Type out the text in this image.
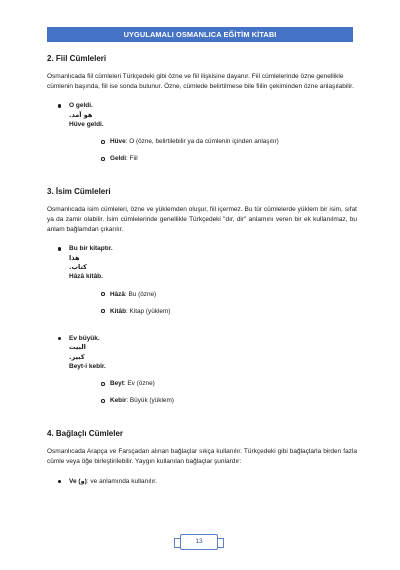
UYGULAMALI OSMANLICA EĞİTİM KİTABI
2. Fiil Cümleleri

Osmanlıcada fiil cümleleri Türkçedeki gibi özne ve fiil ilişkisine dayanır. Fiil cümlelerinde özne genellikle cümlenin başında, fiil ise sonda bulunur. Özne, cümlede belirtilmese bile fiilin çekiminden özne anlaşılabilir.

O geldi.
هو آمد.
Hüve geldi.
Hüve: O (özne, belirtilebilir ya da cümlenin içinden anlaşılır)
Geldi: Fiil
3. İsim Cümleleri

Osmanlıcada isim cümleleri, özne ve yüklemden oluşur, fiil içermez. Bu tür cümlelerde yüklem bir isim, sıfat ya da zamir olabilir. İsim cümlelerinde genellikle Türkçedeki "dır, dir" anlamını veren bir ek kullanılmaz, bu anlam bağlamdan çıkarılır.

Bu bir kitaptır.
هذا كتاب.
Hâzâ kitâb.
Hâzâ: Bu (özne)
Kitâb: Kitap (yüklem)
Ev büyük.
البيت كبير.
Beyt-i kebîr.
Beyt: Ev (özne)
Kebir: Büyük (yüklem)
4. Bağlaçlı Cümleler

Osmanlıcada Arapça ve Farsçadan alınan bağlaçlar sıkça kullanılır. Türkçedeki gibi bağlaçlarla birden fazla cümle veya öğe birleştirilebilir. Yaygın kullanılan bağlaçlar şunlardır:

Ve (و): ve anlamında kullanılır.
13
